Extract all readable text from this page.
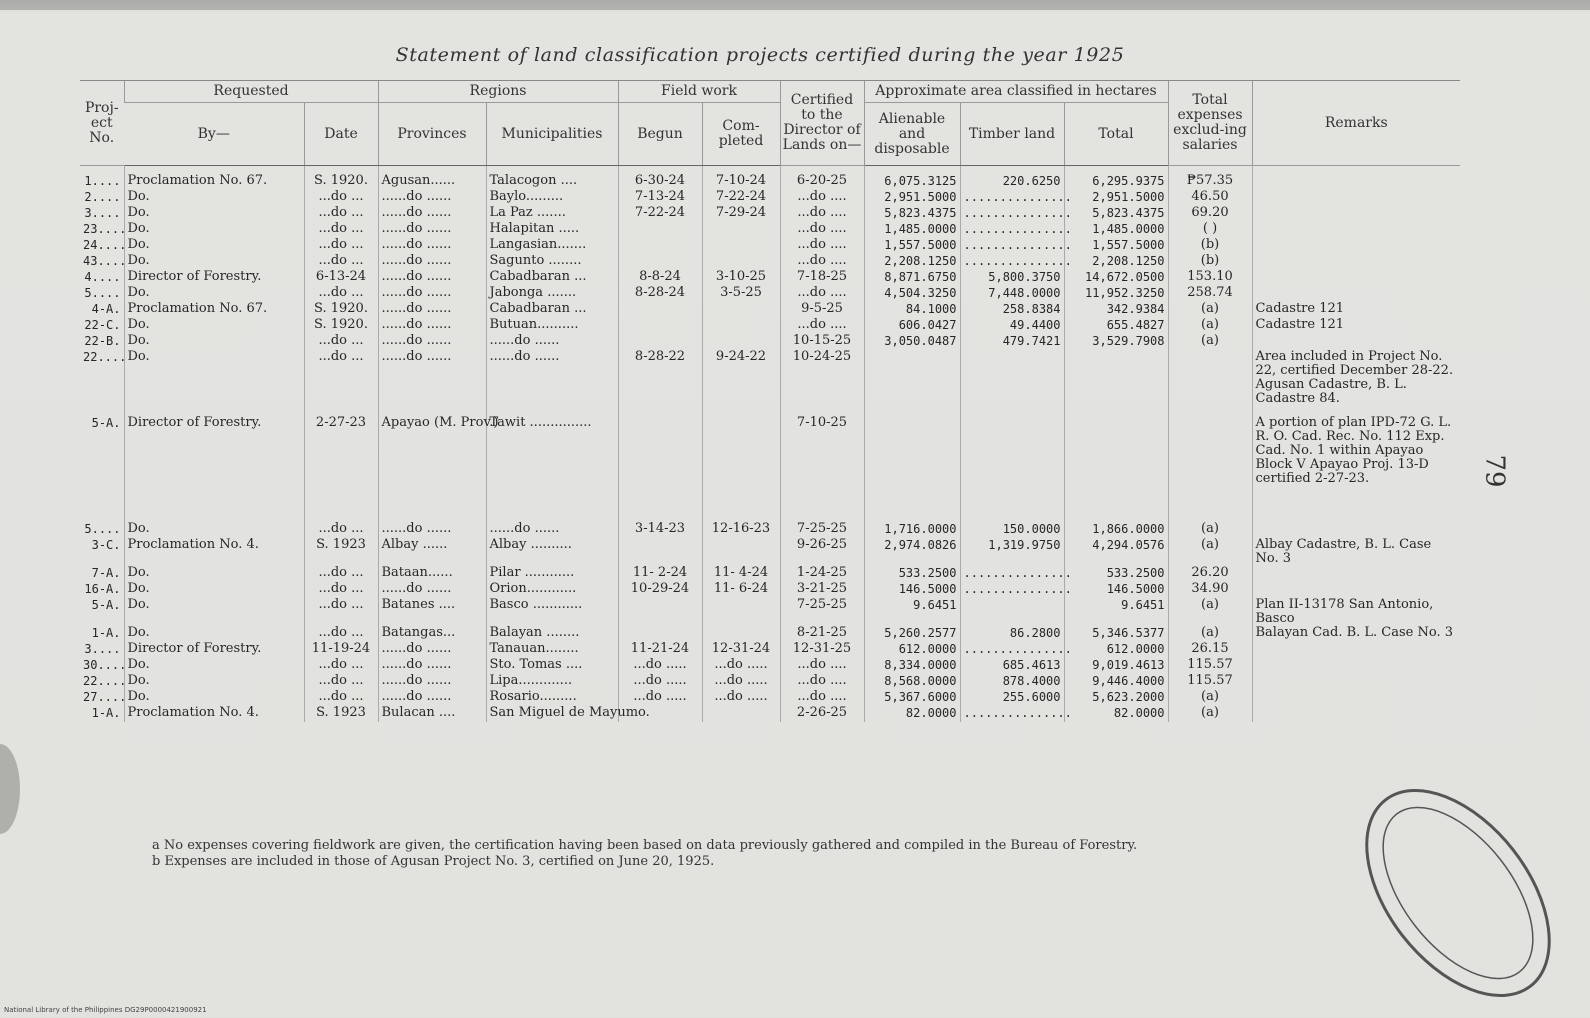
Statement of land classification projects certified during the year 1925
79
Proj-ect No.	Requested		Regions		Field work		Certified to the Director of Lands on—	Approximate area classified in hectares			Total expenses exclud-ing salaries	Remarks
	By—	Date	Provinces	Municipalities	Begun	Com-pleted		Alienable and disposable	Timber land	Total		
1....	Proclamation No. 67.	S. 1920.	Agusan......	Talacogon ....	6-30-24	7-10-24	6-20-25	6,075.3125	220.6250	6,295.9375	₱57.35	
2....	Do.	...do ...	......do ......	Baylo.........	7-13-24	7-22-24	...do ....	2,951.5000	...............	2,951.5000	46.50	
3....	Do.	...do ...	......do ......	La Paz .......	7-22-24	7-29-24	...do ....	5,823.4375	...............	5,823.4375	69.20	
23....	Do.	...do ...	......do ......	Halapitan .....			...do ....	1,485.0000	...............	1,485.0000	( )	
24....	Do.	...do ...	......do ......	Langasian.......			...do ....	1,557.5000	...............	1,557.5000	(b)	
43....	Do.	...do ...	......do ......	Sagunto ........			...do ....	2,208.1250	...............	2,208.1250	(b)	
4....	Director of Forestry.	6-13-24	......do ......	Cabadbaran ...	8-8-24	3-10-25	7-18-25	8,871.6750	5,800.3750	14,672.0500	153.10	
5....	Do.	...do ...	......do ......	Jabonga .......	8-28-24	3-5-25	...do ....	4,504.3250	7,448.0000	11,952.3250	258.74	
4-A.	Proclamation No. 67.	S. 1920.	......do ......	Cabadbaran ...			9-5-25	84.1000	258.8384	342.9384	(a)	Cadastre 121
22-C.	Do.	S. 1920.	......do ......	Butuan..........			...do ....	606.0427	49.4400	655.4827	(a)	Cadastre 121
22-B.	Do.	...do ...	......do ......	......do ......			10-15-25	3,050.0487	479.7421	3,529.7908	(a)	
22....	Do.	...do ...	......do ......	......do ......	8-28-22	9-24-22	10-24-25					Area included in Project No. 22, certified December 28-22. Agusan Cadastre, B. L. Cadastre 84.
5-A.	Director of Forestry.	2-27-23	Apayao (M. Prov.)	Tawit ...............			7-10-25					A portion of plan IPD-72 G. L. R. O. Cad. Rec. No. 112 Exp. Cad. No. 1 within Apayao Block V Apayao Proj. 13-D certified 2-27-23.
5....	Do.	...do ...	......do ......	......do ......	3-14-23	12-16-23	7-25-25	1,716.0000	150.0000	1,866.0000	(a)	
3-C.	Proclamation No. 4.	S. 1923	Albay ......	Albay ..........			9-26-25	2,974.0826	1,319.9750	4,294.0576	(a)	Albay Cadastre, B. L. Case No. 3
7-A.	Do.	...do ...	Bataan......	Pilar ............	11- 2-24	11- 4-24	1-24-25	533.2500	...............	533.2500	26.20	
16-A.	Do.	...do ...	......do ......	Orion............	10-29-24	11- 6-24	3-21-25	146.5000	...............	146.5000	34.90	
5-A.	Do.	...do ...	Batanes ....	Basco ............			7-25-25	9.6451		9.6451	(a)	Plan II-13178 San Antonio, Basco
1-A.	Do.	...do ...	Batangas...	Balayan ........			8-21-25	5,260.2577	86.2800	5,346.5377	(a)	Balayan Cad. B. L. Case No. 3
3....	Director of Forestry.	11-19-24	......do ......	Tanauan........	11-21-24	12-31-24	12-31-25	612.0000	...............	612.0000	26.15	
30....	Do.	...do ...	......do ......	Sto. Tomas ....	...do .....	...do .....	...do ....	8,334.0000	685.4613	9,019.4613	115.57	
22....	Do.	...do ...	......do ......	Lipa.............	...do .....	...do .....	...do ....	8,568.0000	878.4000	9,446.4000	115.57	
27....	Do.	...do ...	......do ......	Rosario.........	...do .....	...do .....	...do ....	5,367.6000	255.6000	5,623.2000	(a)	
1-A.	Proclamation No. 4.	S. 1923	Bulacan ....	San Miguel de Mayumo.			2-26-25	82.0000	...............	82.0000	(a)	
a No expenses covering fieldwork are given, the certification having been based on data previously gathered and compiled in the Bureau of Forestry.
b Expenses are included in those of Agusan Project No. 3, certified on June 20, 1925.
National Library of the Philippines DG29P0000421900921
